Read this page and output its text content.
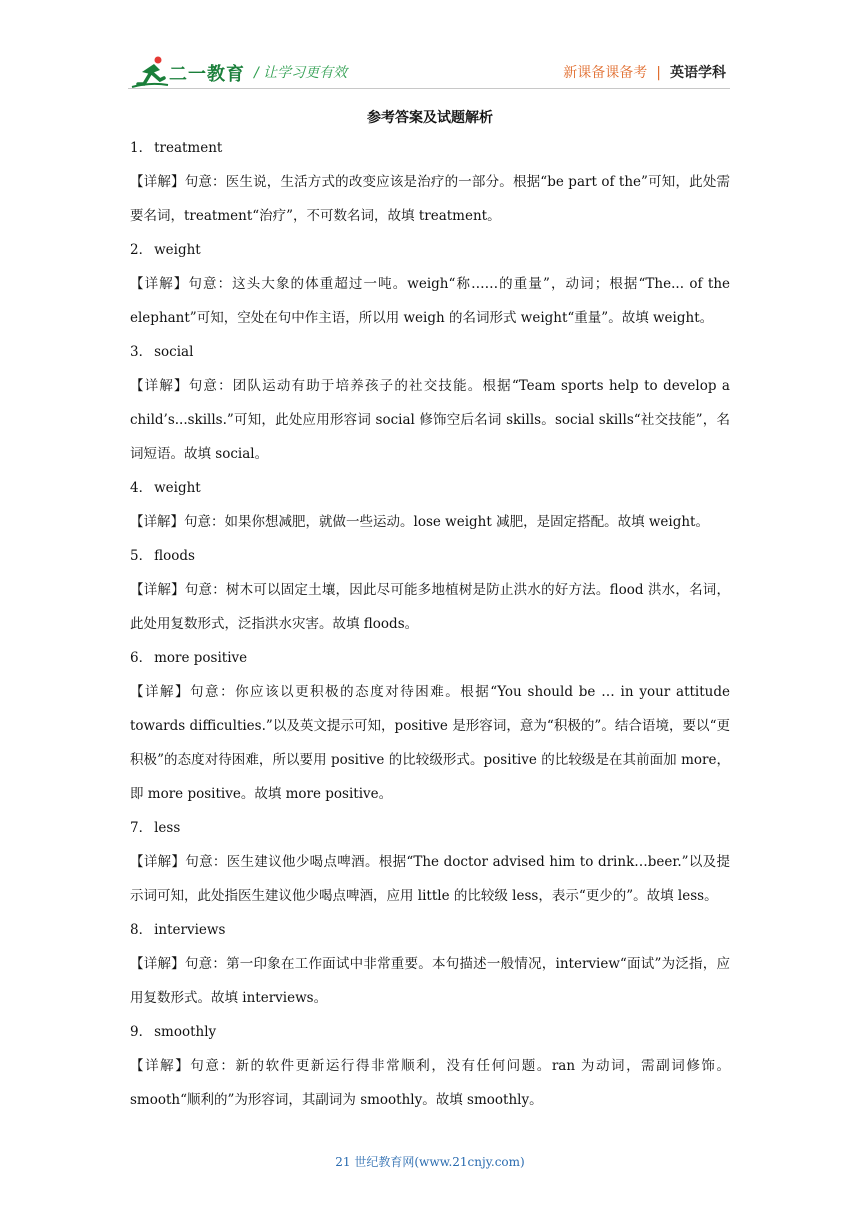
二一教育 / 让学习更有效	新课备课备考 | 英语学科
参考答案及试题解析
1． treatment
【详解】句意：医生说，生活方式的改变应该是治疗的一部分。根据“be part of the”可知，此处需要名词，treatment“治疗”，不可数名词，故填 treatment。
2． weight
【详解】句意：这头大象的体重超过一吨。weigh“称……的重量”，动词；根据“The... of the elephant”可知，空处在句中作主语，所以用 weigh 的名词形式 weight“重量”。故填 weight。
3． social
【详解】句意：团队运动有助于培养孩子的社交技能。根据“Team sports help to develop a child’s...skills.”可知，此处应用形容词 social 修饰空后名词 skills。social skills“社交技能”，名词短语。故填 social。
4． weight
【详解】句意：如果你想减肥，就做一些运动。lose weight 减肥，是固定搭配。故填 weight。
5． floods
【详解】句意：树木可以固定土壤，因此尽可能多地植树是防止洪水的好方法。flood 洪水，名词，此处用复数形式，泛指洪水灾害。故填 floods。
6． more positive
【详解】句意：你应该以更积极的态度对待困难。根据“You should be … in your attitude towards difficulties.”以及英文提示可知，positive 是形容词，意为“积极的”。结合语境，要以“更积极”的态度对待困难，所以要用 positive 的比较级形式。positive 的比较级是在其前面加 more，即 more positive。故填 more positive。
7． less
【详解】句意：医生建议他少喝点啤酒。根据“The doctor advised him to drink…beer.”以及提示词可知，此处指医生建议他少喝点啤酒，应用 little 的比较级 less，表示“更少的”。故填 less。
8． interviews
【详解】句意：第一印象在工作面试中非常重要。本句描述一般情况，interview“面试”为泛指，应用复数形式。故填 interviews。
9． smoothly
【详解】句意：新的软件更新运行得非常顺利，没有任何问题。ran 为动词，需副词修饰。smooth“顺利的”为形容词，其副词为 smoothly。故填 smoothly。
21 世纪教育网(www.21cnjy.com)
